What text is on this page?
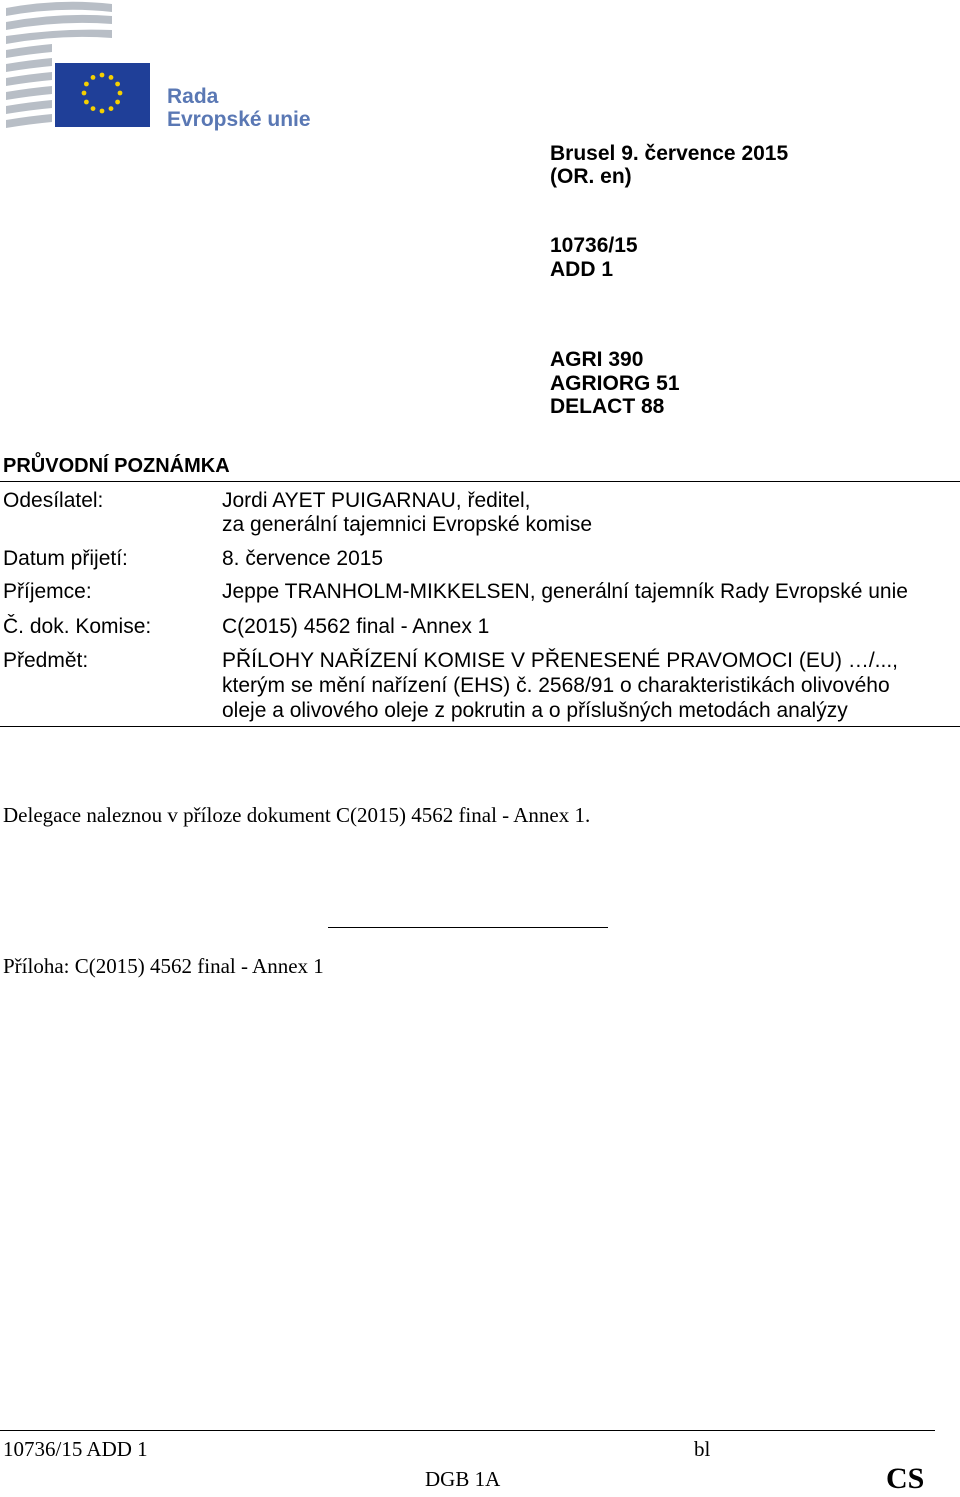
Rada
Evropské unie
Brusel 9. července 2015
(OR. en)
10736/15
ADD 1
AGRI 390
AGRIORG 51
DELACT 88
PRŮVODNÍ POZNÁMKA
Odesílatel:	Jordi AYET PUIGARNAU, ředitel,
za generální tajemnici Evropské komise
Datum přijetí:	8. července 2015
Příjemce:	Jeppe TRANHOLM-MIKKELSEN, generální tajemník Rady Evropské unie
Č. dok. Komise:	C(2015) 4562 final - Annex 1
Předmět:	PŘÍLOHY NAŘÍZENÍ KOMISE V PŘENESENÉ PRAVOMOCI (EU) …/...,
kterým se mění nařízení (EHS) č. 2568/91 o charakteristikách olivového
oleje a olivového oleje z pokrutin a o příslušných metodách analýzy
Delegace naleznou v příloze dokument C(2015) 4562 final - Annex 1.
Příloha: C(2015) 4562 final - Annex 1
10736/15 ADD 1	bl
DGB 1A	CS
